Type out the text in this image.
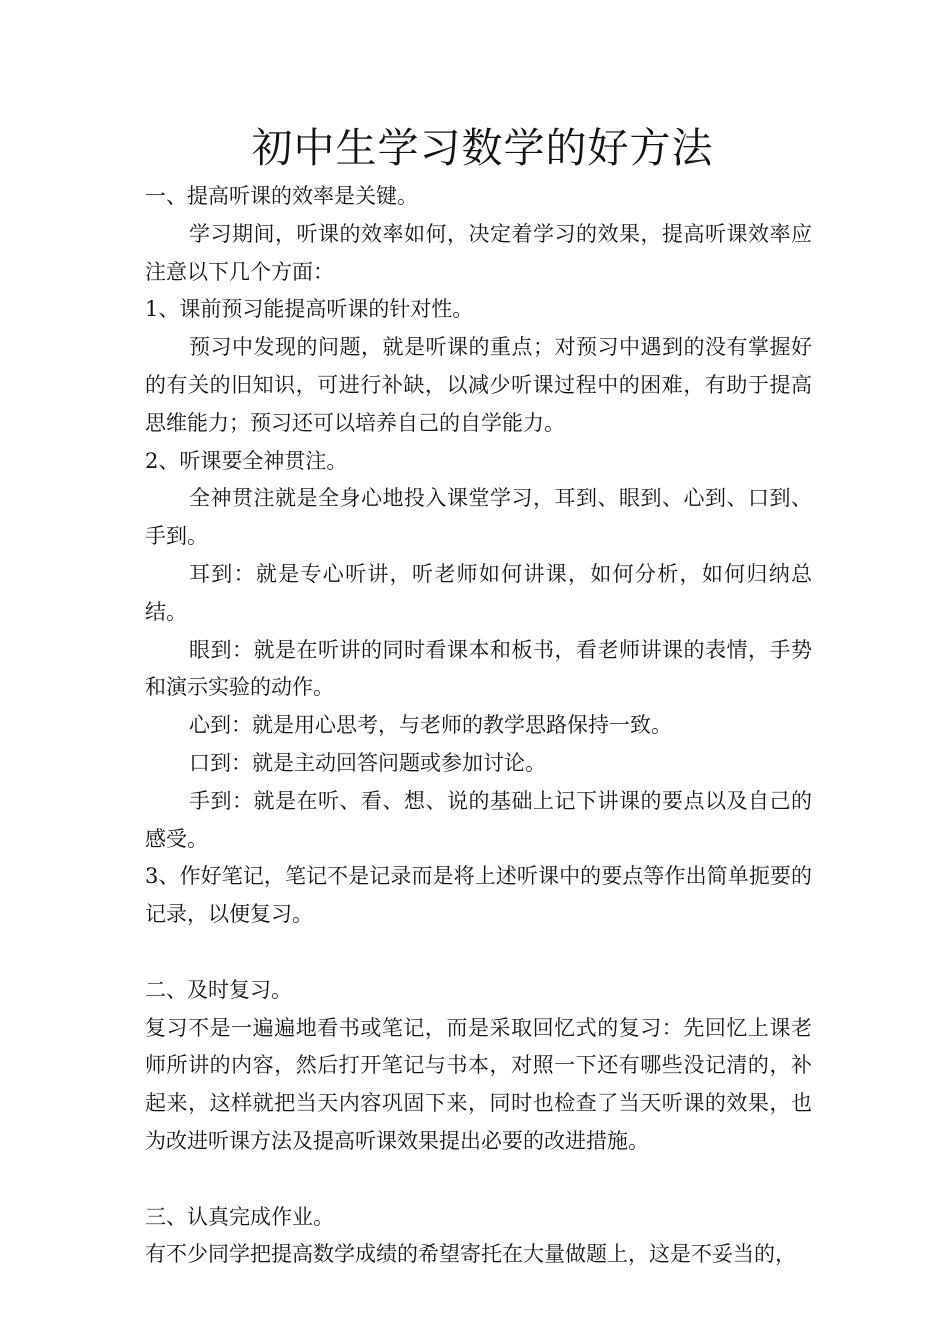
初中生学习数学的好方法

一、提高听课的效率是关键。

学习期间，听课的效率如何，决定着学习的效果，提高听课效率应注意以下几个方面：

1、课前预习能提高听课的针对性。

预习中发现的问题，就是听课的重点；对预习中遇到的没有掌握好的有关的旧知识，可进行补缺，以减少听课过程中的困难，有助于提高思维能力；预习还可以培养自己的自学能力。

2、听课要全神贯注。

全神贯注就是全身心地投入课堂学习，耳到、眼到、心到、口到、手到。

耳到：就是专心听讲，听老师如何讲课，如何分析，如何归纳总结。

眼到：就是在听讲的同时看课本和板书，看老师讲课的表情，手势和演示实验的动作。

心到：就是用心思考，与老师的教学思路保持一致。

口到：就是主动回答问题或参加讨论。

手到：就是在听、看、想、说的基础上记下讲课的要点以及自己的感受。

3、作好笔记，笔记不是记录而是将上述听课中的要点等作出简单扼要的记录，以便复习。

二、及时复习。

复习不是一遍遍地看书或笔记，而是采取回忆式的复习：先回忆上课老师所讲的内容，然后打开笔记与书本，对照一下还有哪些没记清的，补起来，这样就把当天内容巩固下来，同时也检查了当天听课的效果，也为改进听课方法及提高听课效果提出必要的改进措施。

三、认真完成作业。

有不少同学把提高数学成绩的希望寄托在大量做题上，这是不妥当的，
